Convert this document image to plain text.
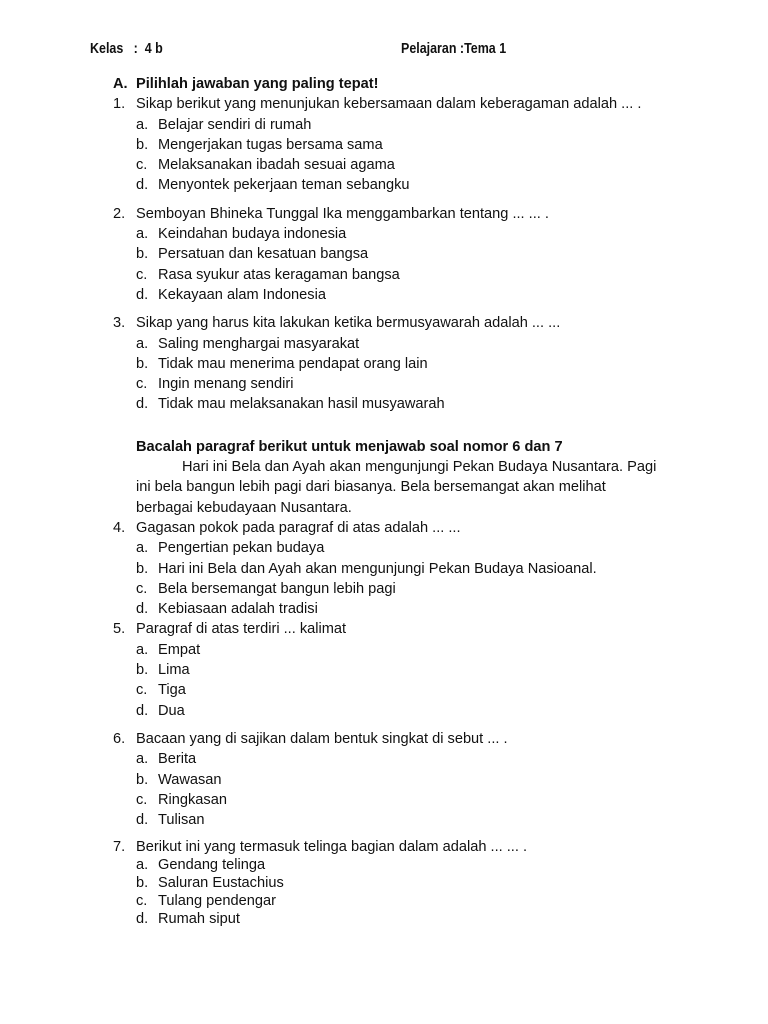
Kelas   :  4 b	Pelajaran :Tema 1
A. Pilihlah jawaban yang paling tepat!
1. Sikap berikut yang menunjukan kebersamaan dalam keberagaman adalah ... .
a. Belajar sendiri di rumah
b. Mengerjakan tugas bersama sama
c. Melaksanakan ibadah sesuai agama
d. Menyontek pekerjaan teman sebangku
2. Semboyan Bhineka Tunggal Ika menggambarkan tentang ... ... .
a. Keindahan budaya indonesia
b. Persatuan dan kesatuan bangsa
c. Rasa syukur atas keragaman bangsa
d. Kekayaan alam Indonesia
3. Sikap yang harus kita lakukan ketika bermusyawarah adalah ... ...
a. Saling menghargai masyarakat
b. Tidak mau menerima pendapat orang lain
c. Ingin menang sendiri
d. Tidak mau melaksanakan hasil musyawarah
Bacalah paragraf berikut untuk menjawab soal nomor 6 dan 7
Hari ini Bela dan Ayah akan mengunjungi Pekan Budaya Nusantara. Pagi
ini bela bangun lebih pagi dari biasanya. Bela bersemangat akan melihat
berbagai kebudayaan Nusantara.
4. Gagasan pokok pada paragraf di atas adalah ... ...
a. Pengertian pekan budaya
b. Hari ini Bela dan Ayah akan mengunjungi Pekan Budaya Nasioanal.
c. Bela bersemangat bangun lebih pagi
d. Kebiasaan adalah tradisi
5. Paragraf di atas terdiri ... kalimat
a. Empat
b. Lima
c. Tiga
d. Dua
6. Bacaan yang di sajikan dalam bentuk singkat di sebut ... .
a. Berita
b. Wawasan
c. Ringkasan
d. Tulisan
7. Berikut ini yang termasuk telinga bagian dalam adalah ... ... .
a. Gendang telinga
b. Saluran Eustachius
c. Tulang pendengar
d. Rumah siput
